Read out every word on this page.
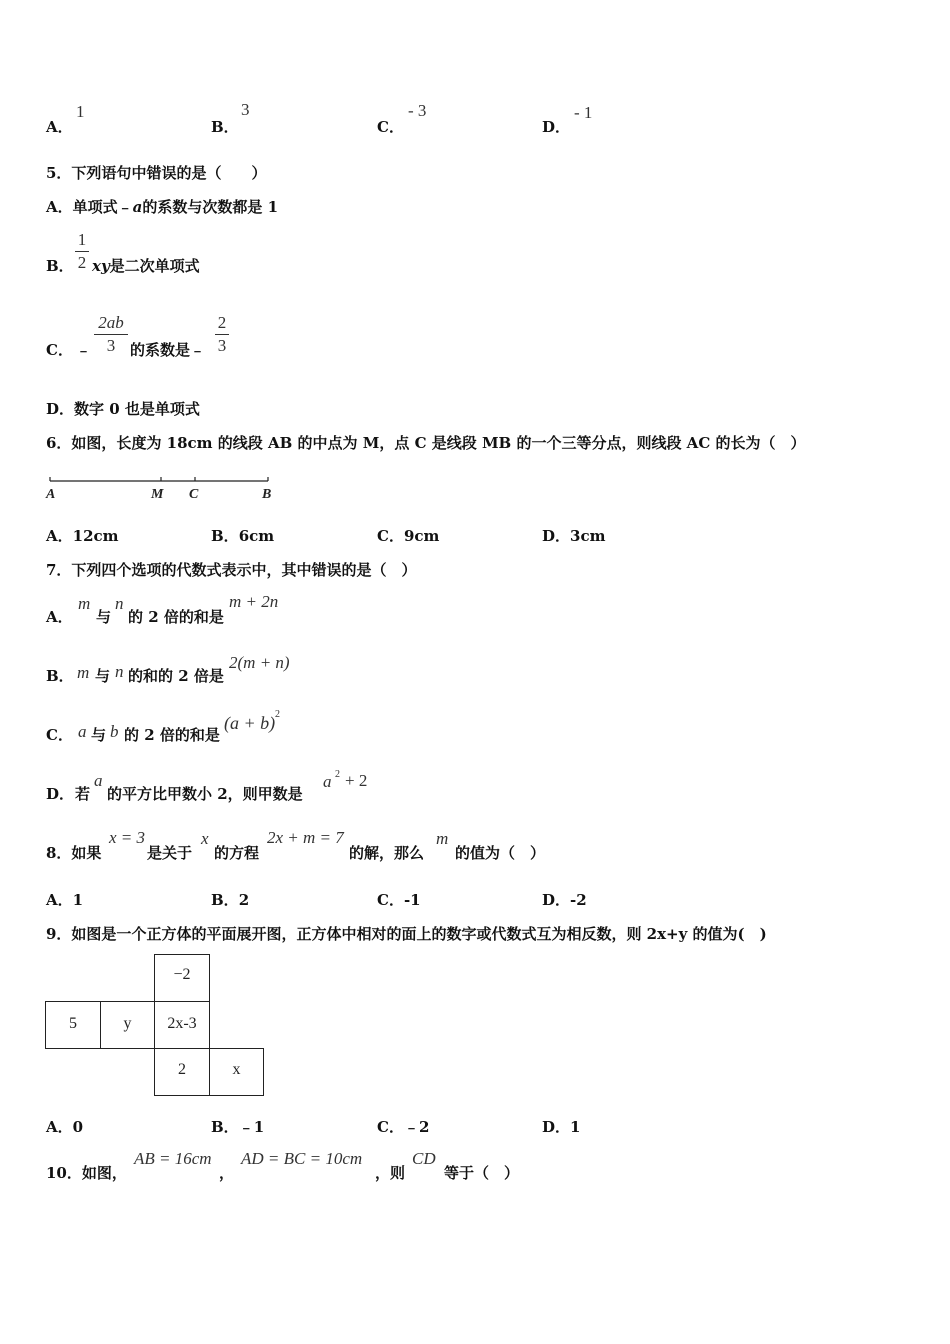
A．
1
B．
3
C．
- 3
D．
- 1
5．下列语句中错误的是（　　）
A．单项式﹣a的系数与次数都是 1
B．
1
2 xy是二次单项式
C． ﹣
2ab
3 的系数是﹣
2
3
D．数字 0 也是单项式
6．如图，长度为 18cm 的线段 AB 的中点为 M，点 C 是线段 MB 的一个三等分点，则线段 AC 的长为（　）
A	M C	B
A．12cm	B．6cm	C．9cm	D．3cm
7．下列四个选项的代数式表示中，其中错误的是（　）
A．
m
与
n
的 2 倍的和是
m + 2n
B． m 与 n 的和的 2 倍是
2(m + n)
C． a 与 b 的 2 倍的和是
(a + b) 2
D． 若
a
的平方比甲数小 2，则甲数是
a 2 + 2
8．如果
x = 3
是关于
x
的方程
2x + m = 7
的解，那么
m
的值为（　）
A．1	B．2	C．-1	D．-2
9．如图是一个正方体的平面展开图，正方体中相对的面上的数字或代数式互为相反数，则 2x+y 的值为(　)
−2
5	y	2x-3
2	x
A．0	B．﹣1	C．﹣2	D．1
10．如图，
AB = 16cm
，
AD = BC = 10cm
，则
CD
等于（　）
